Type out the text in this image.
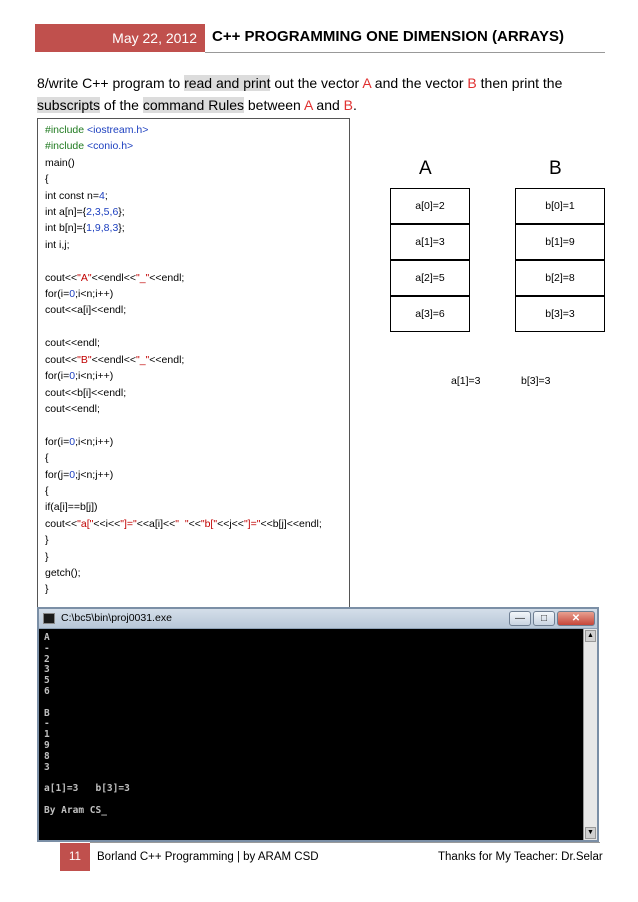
May 22, 2012	C++ PROGRAMMING ONE DIMENSION (ARRAYS)
8/write C++ program to read and print out the vector A and the vector B then print the
subscripts of the command Rules between A and B.
#include <iostream.h>
#include <conio.h>
main()
{
int const n=4;
int a[n]={2,3,5,6};
int b[n]={1,9,8,3};
int i,j;

cout<<"A"<<endl<<"_"<<endl;
for(i=0;i<n;i++)
cout<<a[i]<<endl;

cout<<endl;
cout<<"B"<<endl<<"_"<<endl;
for(i=0;i<n;i++)
cout<<b[i]<<endl;
cout<<endl;

for(i=0;i<n;i++)
{
for(j=0;j<n;j++)
{
if(a[i]==b[j])
cout<<"a["<<i<<"]="<<a[i]<<"  "<<"b["<<j<<"]="<<b[j]<<endl;
}
}
getch();
}
A	B
a[0]=2
a[1]=3
a[2]=5
a[3]=6
b[0]=1
b[1]=9
b[2]=8
b[3]=3
a[1]=3	b[3]=3
C:\bc5\bin\proj0031.exe	—	□	✕
A
-
2
3
5
6

B
-
1
9
8
3

a[1]=3   b[3]=3

By Aram CS_
▲
▼
11	Borland C++ Programming | by ARAM CSD	Thanks for My Teacher: Dr.Selar
